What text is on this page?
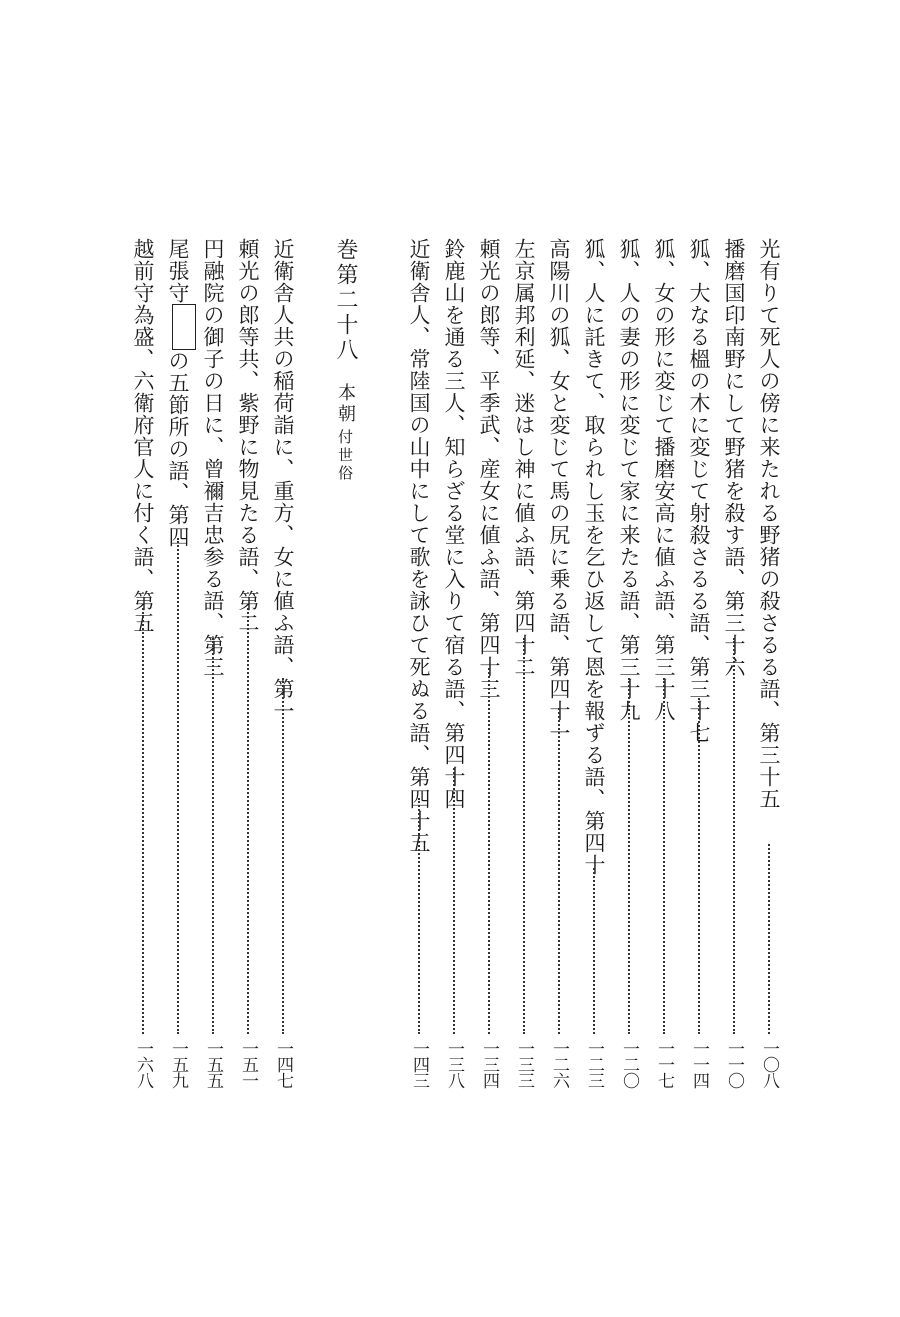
光有りて死人の傍に来たれる野猪の殺さるる語、第三十五
一〇八
播磨国印南野にして野猪を殺す語、第三十六
一一〇
狐、大なる榲の木に変じて射殺さるる語、第三十七
一一四
狐、女の形に変じて播磨安高に値ふ語、第三十八
一一七
狐、人の妻の形に変じて家に来たる語、第三十九
一二〇
狐、人に託きて、取られし玉を乞ひ返して恩を報ずる語、第四十
一二三
高陽川の狐、女と変じて馬の尻に乗る語、第四十一
一二六
左京属邦利延、迷はし神に値ふ語、第四十二
一三三
頼光の郎等、平季武、産女に値ふ語、第四十三
一三四
鈴鹿山を通る三人、知らざる堂に入りて宿る語、第四十四
一三八
近衛舎人、常陸国の山中にして歌を詠ひて死ぬる語、第四十五
一四三
巻第二十八本朝付世俗
近衛舎人共の稲荷詣に、重方、女に値ふ語、第一
一四七
頼光の郎等共、紫野に物見たる語、第二
一五一
円融院の御子の日に、曾禰吉忠参る語、第三
一五五
尾張守の五節所の語、第四
一五九
越前守為盛、六衛府官人に付く語、第五
一六八
